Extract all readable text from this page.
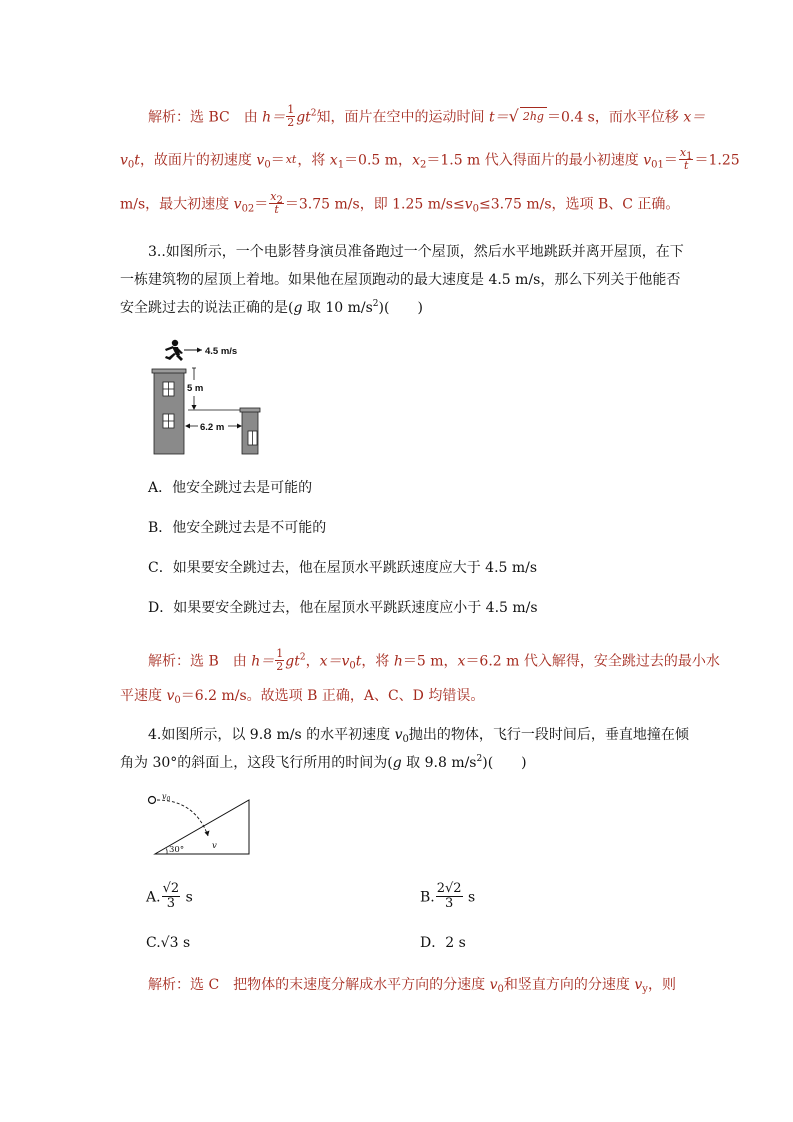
解析：选 BC　由 $h= \frac{1}{2} gt^2$知，面片在空中的运动时间 t＝√ 2hg ＝0.4 s，而水平位移 x＝
$v_0t$，故面片的初速度 $v_0=xt$，将 $x_1=0.5$ m，$x_2=1.5$ m 代入得面片的最小初速度 $v_{01}= \frac{x_1}{t}=1.25$
m/s，最大初速度 $v_{02}= \frac{x_2}{t}=3.75$ m/s，即 1.25 $m/s\le v_0\le 3.75$ m/s，选项 B、C 正确。
3..如图所示，一个电影替身演员准备跑过一个屋顶，然后水平地跳跃并离开屋顶，在下
一栋建筑物的屋顶上着地。如果他在屋顶跑动的最大速度是 4.5 m/s，那么下列关于他能否
安全跳过去的说法正确的是(g 取 10 $m/s^2$)(　　)
4.5 m/s
5 m
6.2 m
A．他安全跳过去是可能的
B．他安全跳过去是不可能的
C．如果要安全跳过去，他在屋顶水平跳跃速度应大于 4.5 m/s
D．如果要安全跳过去，他在屋顶水平跳跃速度应小于 4.5 m/s
解析：选 B　由 $h= \frac{1}{2} gt^2$，$x=v_0t$，将 h＝5 m，x＝6.2 m 代入解得，安全跳过去的最小水
平速度 $v_0=6.2$ m/s。故选项 B 正确，A、C、D 均错误。
4.如图所示，以 9.8 m/s 的水平初速度 $v_0$抛出的物体，飞行一段时间后，垂直地撞在倾
角为 30°的斜面上，这段飞行所用的时间为(g 取 9.8 $m/s^2$)(　　)
$v_0$
v
30°
A. $\frac{√2}{3}$ s	B. $\frac{2√2}{3}$ s
C.√3 s	D．2 s
解析：选 C　把物体的末速度分解成水平方向的分速度 $v_0$和竖直方向的分速度 $v_y$，则
